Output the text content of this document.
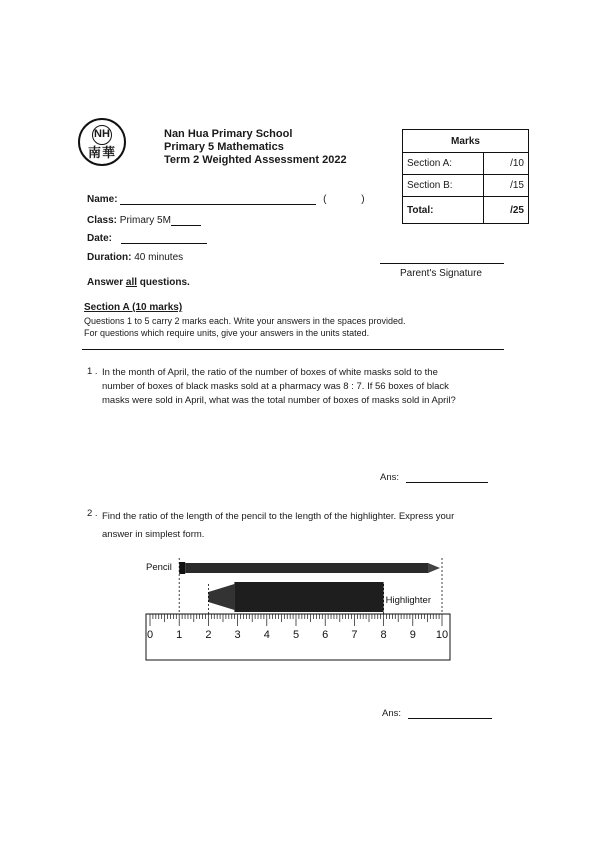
NH
南華
Nan Hua Primary School
Primary 5 Mathematics
Term 2 Weighted Assessment 2022
Marks	
Section A:	/10
Section B:	/15
Total:	/25
Name:	(	)
Class: Primary 5M
Date:
Duration: 40 minutes
Parent's Signature
Answer all questions.
Section A (10 marks)
Questions 1 to 5 carry 2 marks each. Write your answers in the spaces provided.
For questions which require units, give your answers in the units stated.
1 . In the month of April, the ratio of the number of boxes of white masks sold to the
number of boxes of black masks sold at a pharmacy was 8 : 7. If 56 boxes of black
masks were sold in April, what was the total number of boxes of masks sold in April?
Ans:
2 . Find the ratio of the length of the pencil to the length of the highlighter. Express your
answer in simplest form.
Pencil
Highlighter
0 1 2 3 4 5 6 7 8 9 10
Ans:
